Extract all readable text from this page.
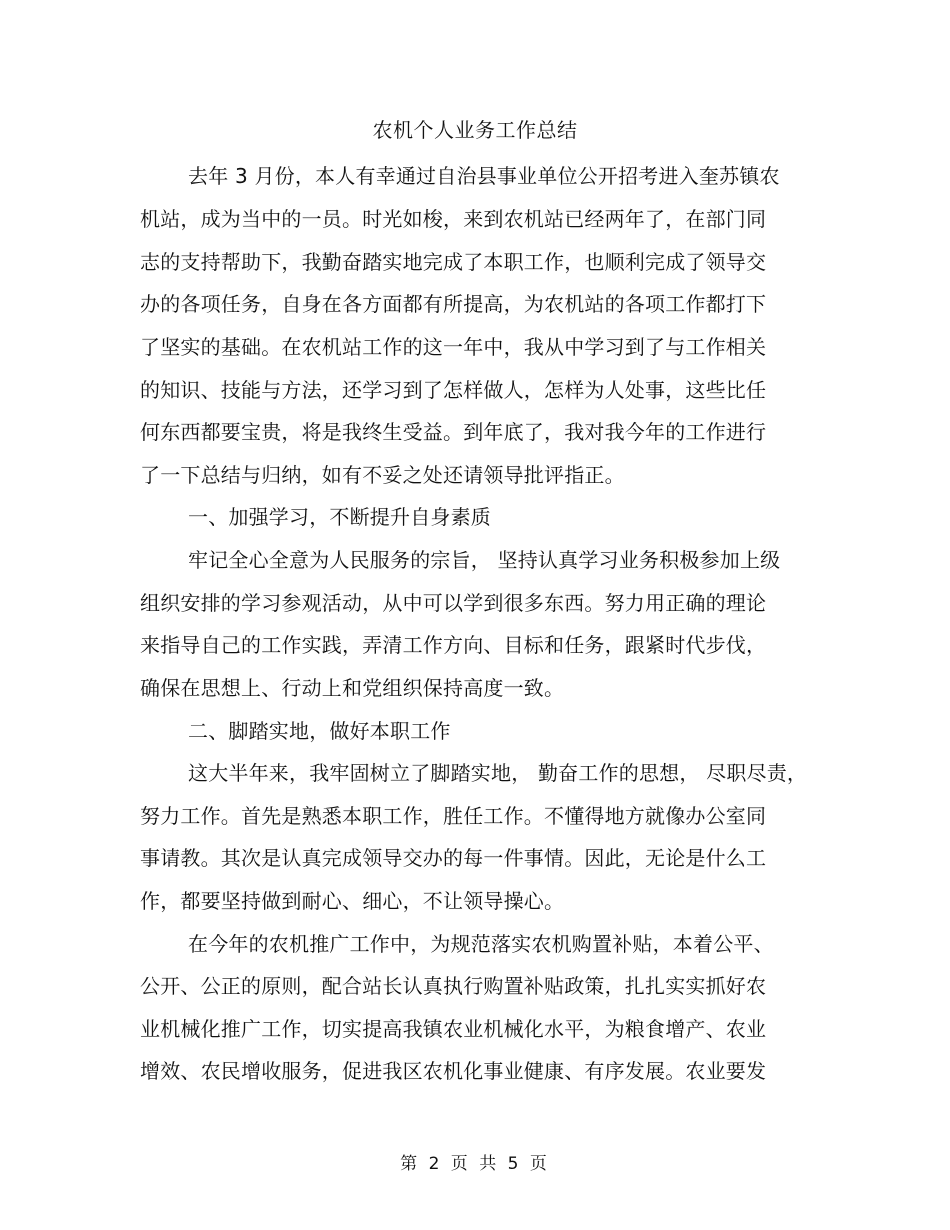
农机个人业务工作总结
去年 3 月份，本人有幸通过自治县事业单位公开招考进入奎苏镇农
机站，成为当中的一员。时光如梭，来到农机站已经两年了，在部门同
志的支持帮助下，我勤奋踏实地完成了本职工作，也顺利完成了领导交
办的各项任务，自身在各方面都有所提高，为农机站的各项工作都打下
了坚实的基础。在农机站工作的这一年中，我从中学习到了与工作相关
的知识、技能与方法，还学习到了怎样做人，怎样为人处事，这些比任
何东西都要宝贵，将是我终生受益。到年底了，我对我今年的工作进行
了一下总结与归纳，如有不妥之处还请领导批评指正。
一、加强学习，不断提升自身素质
牢记全心全意为人民服务的宗旨， 坚持认真学习业务积极参加上级
组织安排的学习参观活动，从中可以学到很多东西。努力用正确的理论
来指导自己的工作实践，弄清工作方向、目标和任务，跟紧时代步伐，
确保在思想上、行动上和党组织保持高度一致。
二、脚踏实地，做好本职工作
这大半年来，我牢固树立了脚踏实地， 勤奋工作的思想， 尽职尽责，
努力工作。首先是熟悉本职工作，胜任工作。不懂得地方就像办公室同
事请教。其次是认真完成领导交办的每一件事情。因此，无论是什么工
作，都要坚持做到耐心、细心，不让领导操心。
在今年的农机推广工作中，为规范落实农机购置补贴，本着公平、
公开、公正的原则，配合站长认真执行购置补贴政策，扎扎实实抓好农
业机械化推广工作，切实提高我镇农业机械化水平，为粮食增产、农业
增效、农民增收服务，促进我区农机化事业健康、有序发展。农业要发
第 2 页 共 5 页
